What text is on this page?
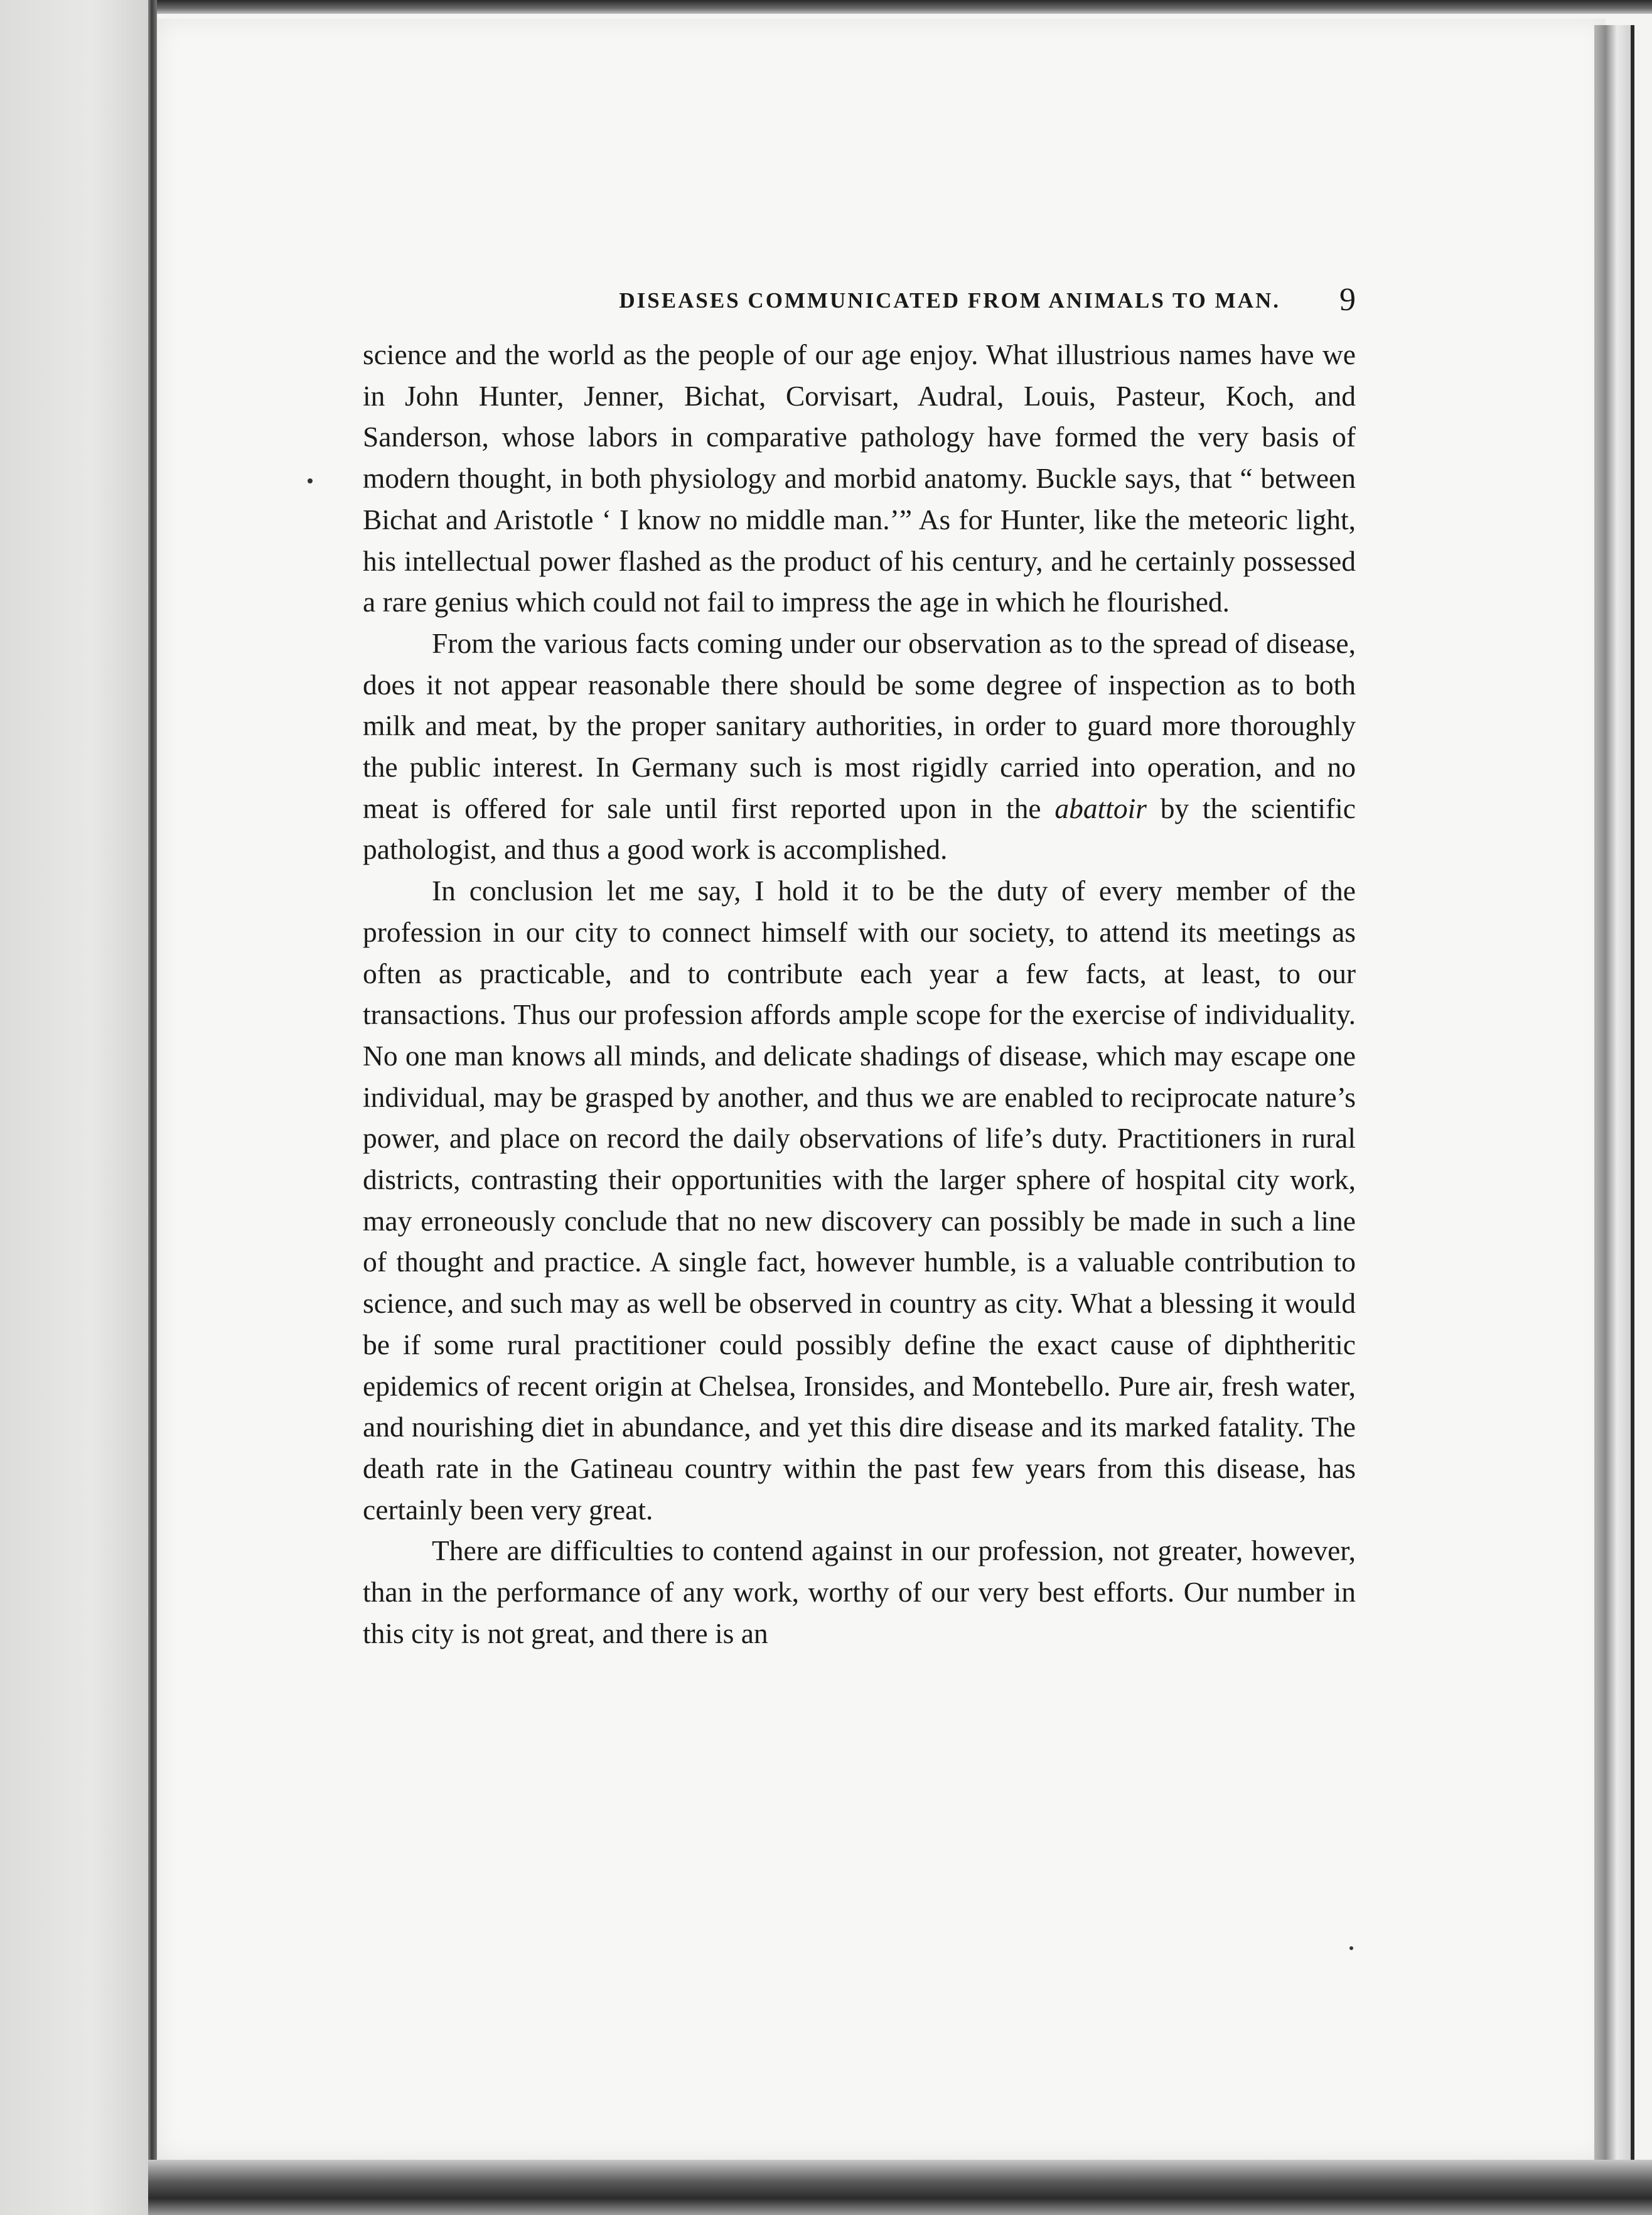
DISEASES COMMUNICATED FROM ANIMALS TO MAN. 9

science and the world as the people of our age enjoy. What illustrious names have we in John Hunter, Jenner, Bichat, Corvisart, Audral, Louis, Pasteur, Koch, and Sanderson, whose labors in comparative pathology have formed the very basis of modern thought, in both physiology and morbid anatomy. Buckle says, that “ between Bichat and Aristotle ‘ I know no middle man.’” As for Hunter, like the meteoric light, his intellectual power flashed as the product of his century, and he certainly possessed a rare genius which could not fail to impress the age in which he flourished.

From the various facts coming under our observation as to the spread of disease, does it not appear reasonable there should be some degree of inspection as to both milk and meat, by the proper sanitary authorities, in order to guard more thoroughly the public interest. In Germany such is most rigidly carried into operation, and no meat is offered for sale until first reported upon in the abattoir by the scientific pathologist, and thus a good work is accomplished.

In conclusion let me say, I hold it to be the duty of every member of the profession in our city to connect himself with our society, to attend its meetings as often as practicable, and to contribute each year a few facts, at least, to our transactions. Thus our profession affords ample scope for the exercise of individuality. No one man knows all minds, and delicate shadings of disease, which may escape one individual, may be grasped by another, and thus we are enabled to reciprocate nature’s power, and place on record the daily observations of life’s duty. Practitioners in rural districts, contrasting their opportunities with the larger sphere of hospital city work, may erroneously conclude that no new discovery can possibly be made in such a line of thought and practice. A single fact, however humble, is a valuable contribution to science, and such may as well be observed in country as city. What a blessing it would be if some rural practitioner could possibly define the exact cause of diphtheritic epidemics of recent origin at Chelsea, Ironsides, and Montebello. Pure air, fresh water, and nourishing diet in abundance, and yet this dire disease and its marked fatality. The death rate in the Gatineau country within the past few years from this disease, has certainly been very great.

There are difficulties to contend against in our profession, not greater, however, than in the performance of any work, worthy of our very best efforts. Our number in this city is not great, and there is an
